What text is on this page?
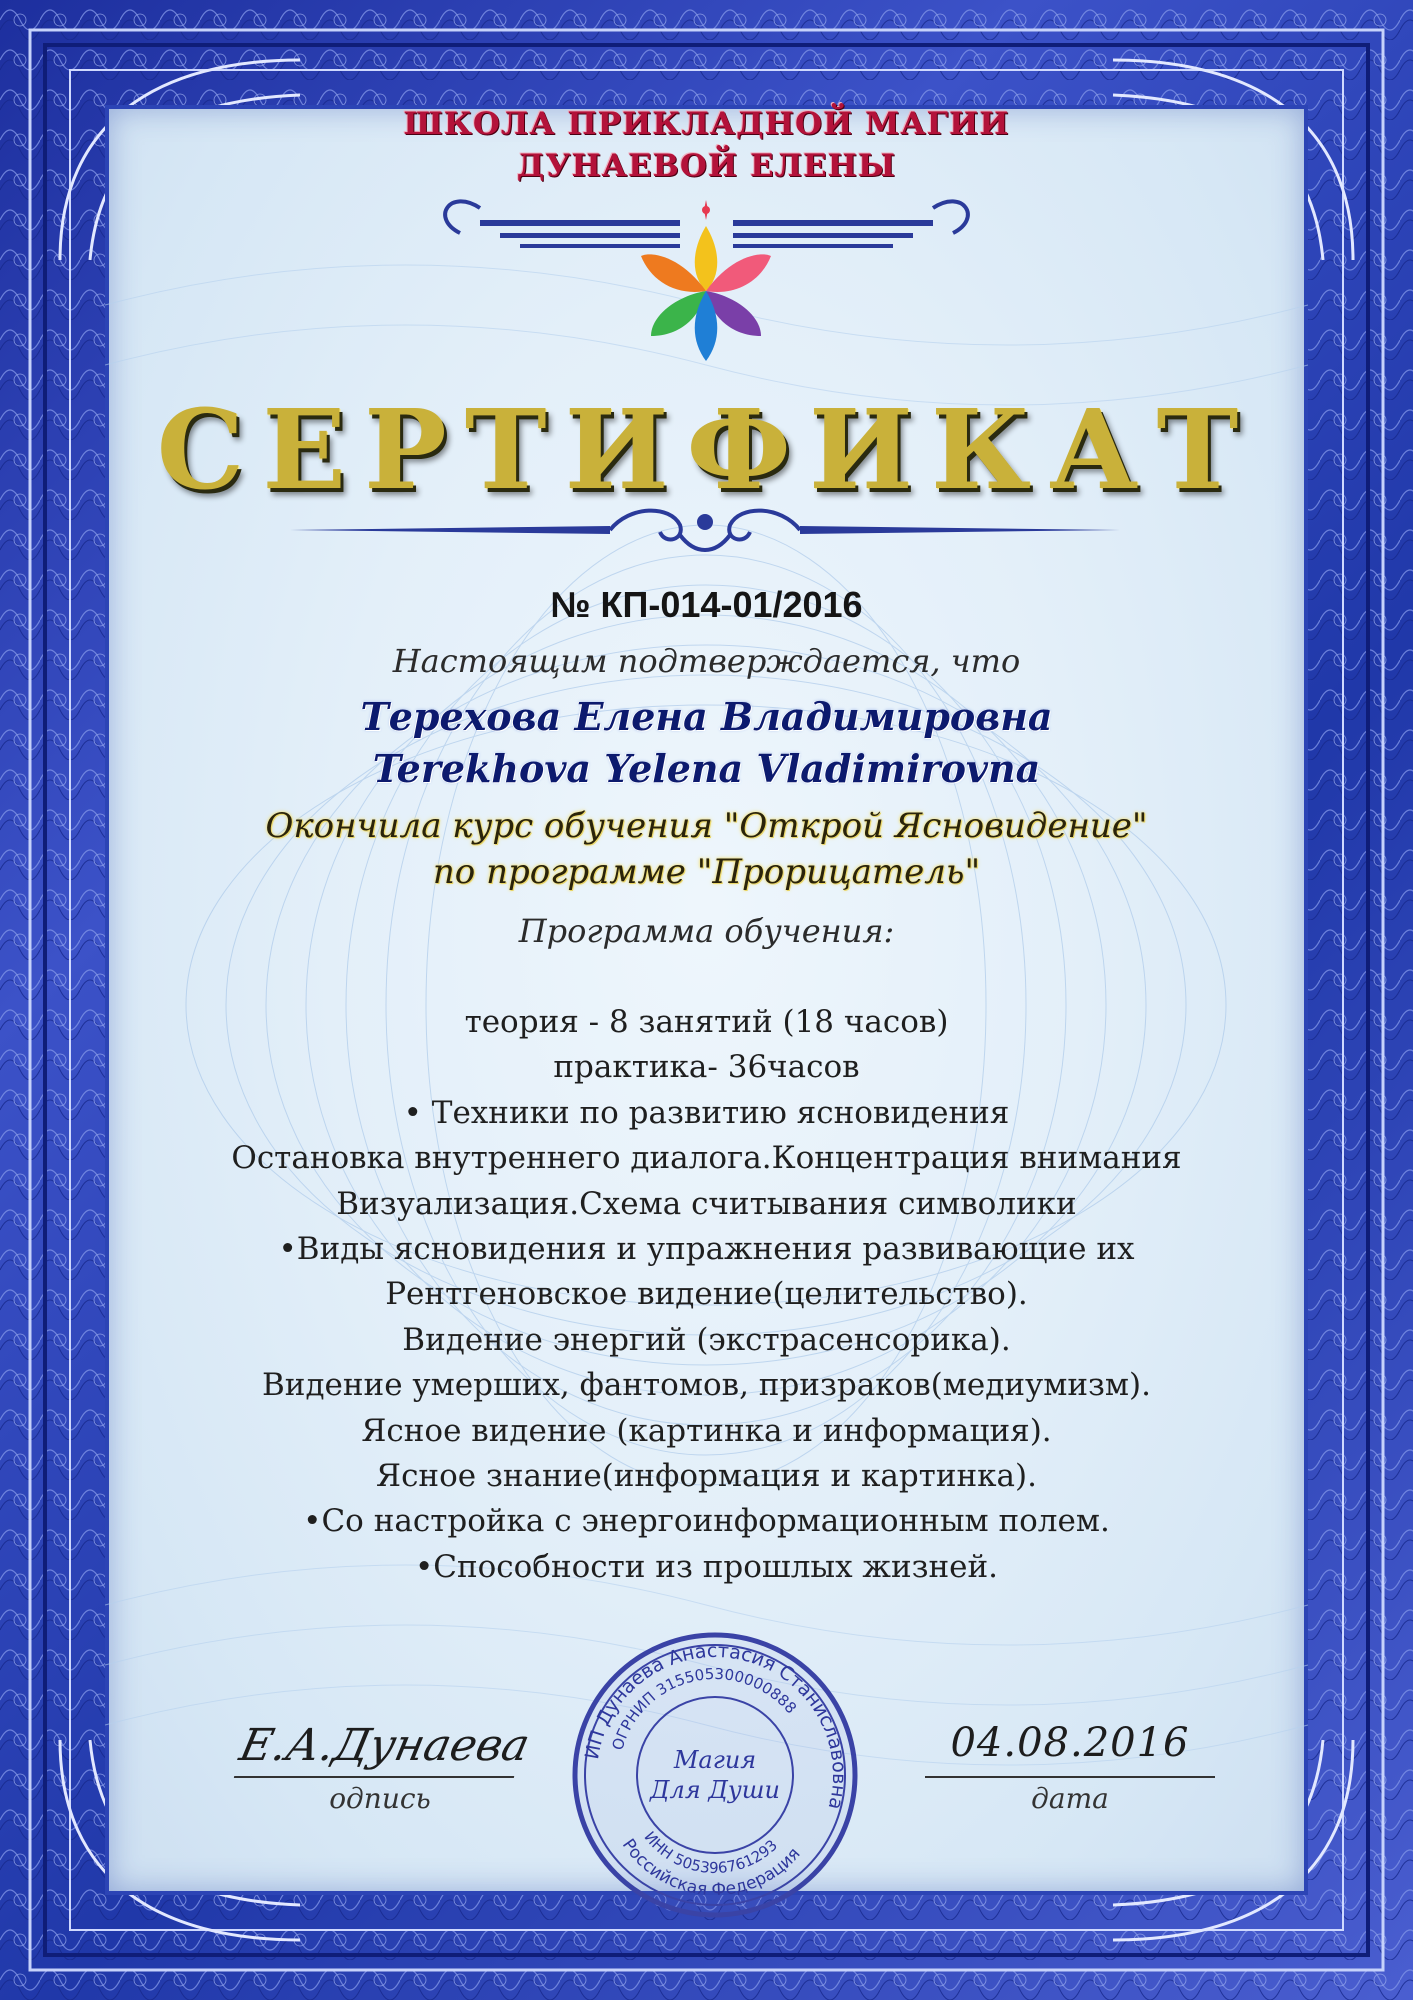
ШКОЛА ПРИКЛАДНОЙ МАГИИ
ДУНАЕВОЙ ЕЛЕНЫ
СЕРТИФИКАТ
№ КП-014-01/2016
Настоящим подтверждается, что
Терехова Елена Владимировна
Terekhova Yelena Vladimirovna
Окончила курс обучения "Открой Ясновидение"
по программе "Прорицатель"
Программа обучения:
теория - 8 занятий (18 часов)
практика- 36часов
• Техники по развитию ясновидения
Остановка внутреннего диалога.Концентрация внимания
Визуализация.Схема считывания символики
•Виды ясновидения и упражнения развивающие их
Рентгеновское видение(целительство).
Видение энергий (экстрасенсорика).
Видение умерших, фантомов, призраков(медиумизм).
Ясное видение (картинка и информация).
Ясное знание(информация и картинка).
•Со настройка с энергоинформационным полем.
•Способности из прошлых жизней.
Е.А.Дунаева
одпись
04.08.2016
дата
ИП Дунаева Анастасия Станиславовна
ОГРНИП 315505300000888
Российская Федерация
ИНН 505396761293
Магия
Для Души
